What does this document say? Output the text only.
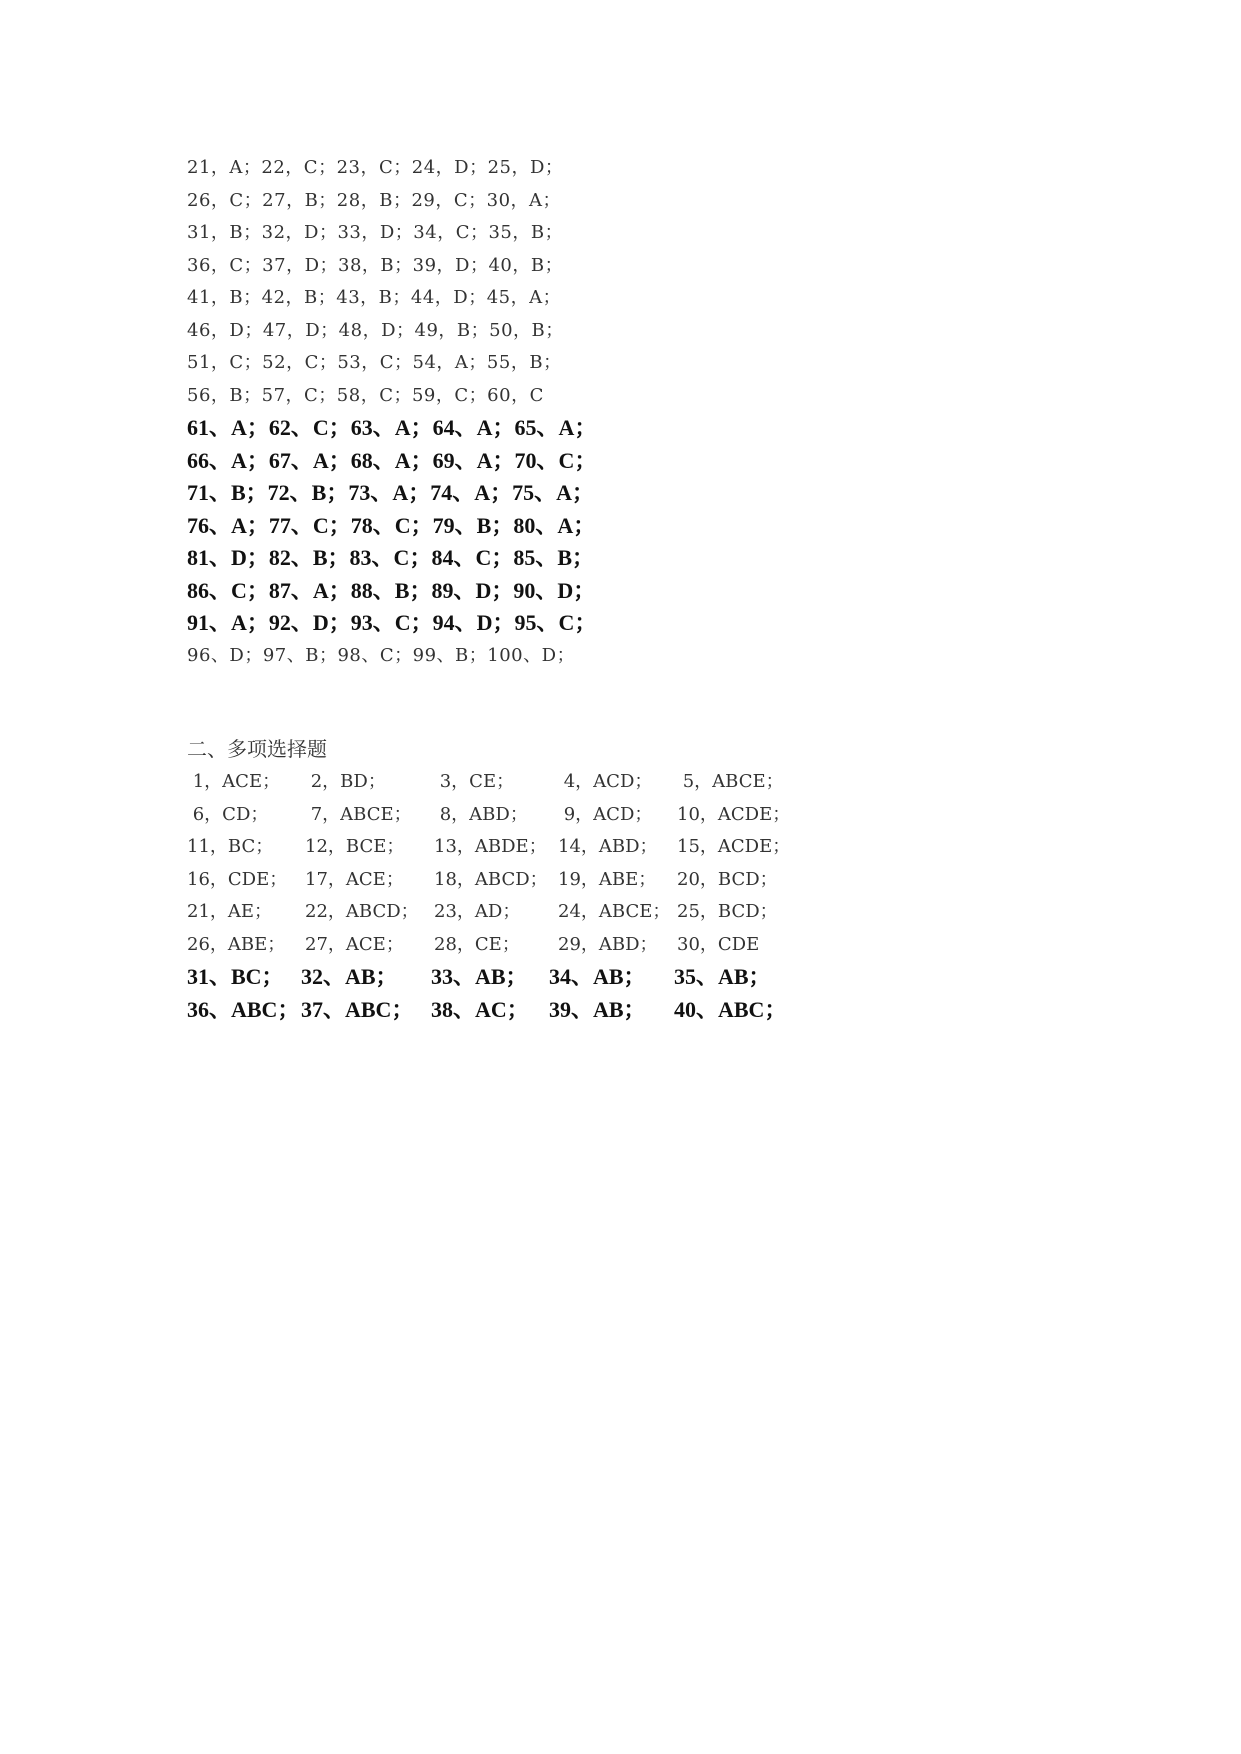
21，A；22，C；23，C；24，D；25，D；
26，C；27，B；28，B；29，C；30，A；
31，B；32，D；33，D；34，C；35，B；
36，C；37，D；38，B；39，D；40，B；
41，B；42，B；43，B；44，D；45，A；
46，D；47，D；48，D；49，B；50，B；
51，C；52，C；53，C；54，A；55，B；
56，B；57，C；58，C；59，C；60，C
61、A；62、C；63、A；64、A；65、A；
66、A；67、A；68、A；69、A；70、C；
71、B；72、B；73、A；74、A；75、A；
76、A；77、C；78、C；79、B；80、A；
81、D；82、B；83、C；84、C；85、B；
86、C；87、A；88、B；89、D；90、D；
91、A；92、D；93、C；94、D；95、C；
96、D；97、B；98、C；99、B；100、D；
二、多项选择题
1，ACE； 2，BD；	3，CE； 4，ACD； 5，ABCE；
6，CD； 7，ABCE； 8，ABD； 9，ACD； 10，ACDE；
11，BC； 12，BCE； 13，ABDE； 14，ABD； 15，ACDE；
16，CDE； 17，ACE； 18，ABCD； 19，ABE； 20，BCD；
21，AE； 22，ABCD； 23，AD； 24，ABCE； 25，BCD；
26，ABE； 27，ACE； 28，CE； 29，ABD； 30，CDE
31、BC； 32、AB； 33、AB； 34、AB； 35、AB；
36、ABC； 37、ABC； 38、AC； 39、AB； 40、ABC；
